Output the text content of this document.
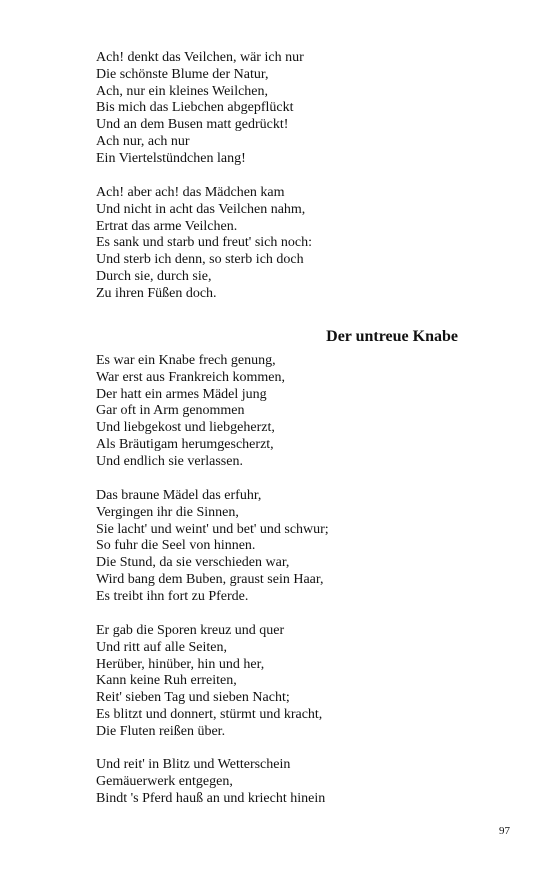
Ach! denkt das Veilchen, wär ich nur
Die schönste Blume der Natur,
Ach, nur ein kleines Weilchen,
Bis mich das Liebchen abgepflückt
Und an dem Busen matt gedrückt!
Ach nur, ach nur
Ein Viertelstündchen lang!
Ach! aber ach! das Mädchen kam
Und nicht in acht das Veilchen nahm,
Ertrat das arme Veilchen.
Es sank und starb und freut' sich noch:
Und sterb ich denn, so sterb ich doch
Durch sie, durch sie,
Zu ihren Füßen doch.
Der untreue Knabe
Es war ein Knabe frech genung,
War erst aus Frankreich kommen,
Der hatt ein armes Mädel jung
Gar oft in Arm genommen
Und liebgekost und liebgeherzt,
Als Bräutigam herumgescherzt,
Und endlich sie verlassen.
Das braune Mädel das erfuhr,
Vergingen ihr die Sinnen,
Sie lacht' und weint' und bet' und schwur;
So fuhr die Seel von hinnen.
Die Stund, da sie verschieden war,
Wird bang dem Buben, graust sein Haar,
Es treibt ihn fort zu Pferde.
Er gab die Sporen kreuz und quer
Und ritt auf alle Seiten,
Herüber, hinüber, hin und her,
Kann keine Ruh erreiten,
Reit' sieben Tag und sieben Nacht;
Es blitzt und donnert, stürmt und kracht,
Die Fluten reißen über.
Und reit' in Blitz und Wetterschein
Gemäuerwerk entgegen,
Bindt 's Pferd hauß an und kriecht hinein
97
